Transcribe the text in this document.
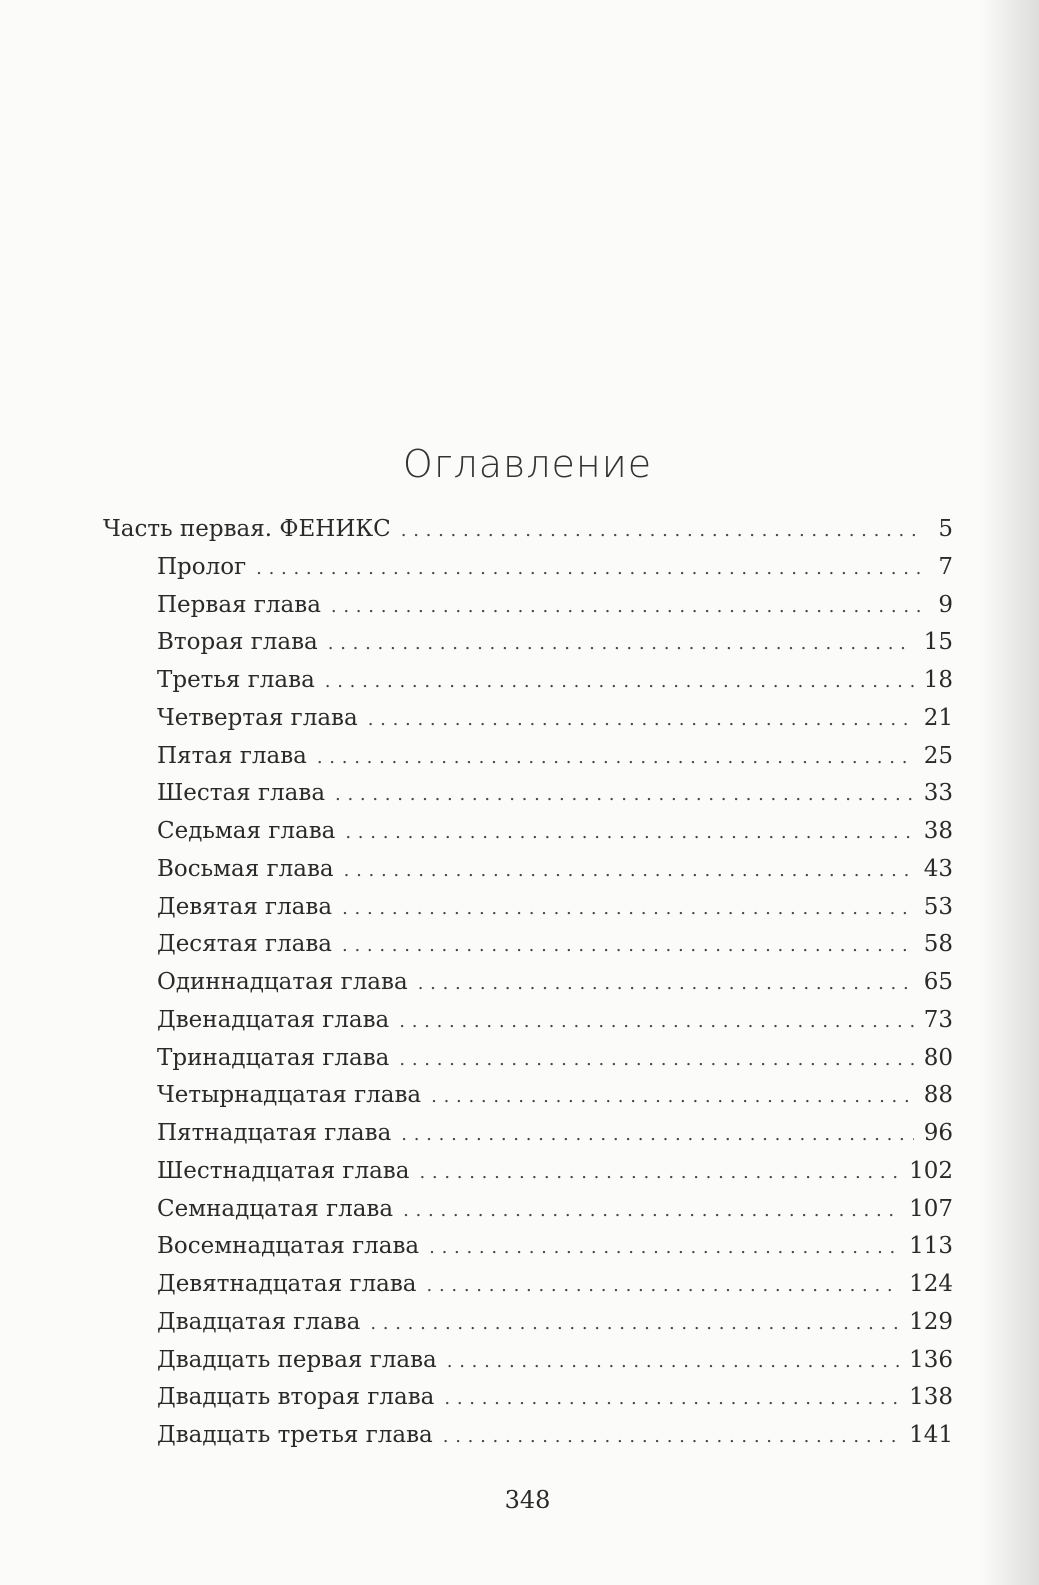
Оглавление
Часть первая. ФЕНИКС . . .	5
Пролог . . .	7
Первая глава . . .	9
Вторая глава . . .	15
Третья глава . . .	18
Четвертая глава . . .	21
Пятая глава . . .	25
Шестая глава . . .	33
Седьмая глава . . .	38
Восьмая глава . . .	43
Девятая глава . . .	53
Десятая глава . . .	58
Одиннадцатая глава . . .	65
Двенадцатая глава . . .	73
Тринадцатая глава . . .	80
Четырнадцатая глава . . .	88
Пятнадцатая глава . . .	96
Шестнадцатая глава . . .	102
Семнадцатая глава . . .	107
Восемнадцатая глава . . .	113
Девятнадцатая глава . . .	124
Двадцатая глава . . .	129
Двадцать первая глава . . .	136
Двадцать вторая глава . . .	138
Двадцать третья глава . . .	141
348
